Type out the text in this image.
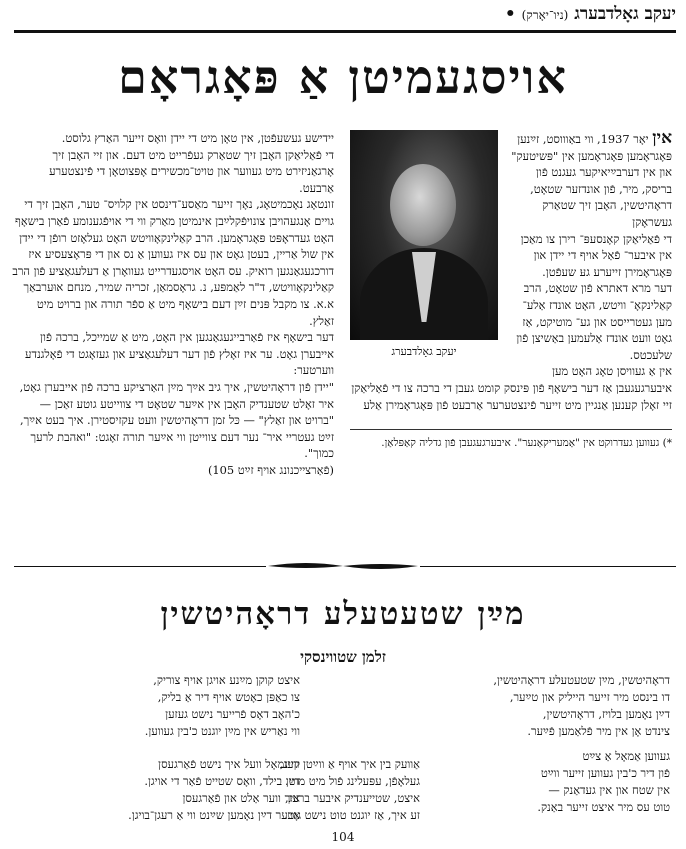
יעקב גאָלדבערג (ניו־יאָרק) •
אויסגעמיטן אַ פּאָגראָם
יעקב גאָלדבערג

אין יאָר 1937, ווי באַוווסט, זײַנען פּאָגראָמען פּאָגראָמען אין "פּשיטעק" און אין דערבײַיאיקער געגנט פֿון בריסק, מיר, פֿון אונדזער שטאָט, דראָהיטשין, האָבן זיך שטאַרק געשראָקן

די פֿאַליאַקן קאָנסעפּ־ רירן צו מאַכן אין איבער־ פֿאַל אויף די יידן און פּאָגראָמירן זייערע געּ שעפֿטן.

דער מרא דאתרא פֿון שטאָט, הרב קאַלינקאָ־ וויטש, האָט אונדז אַלע־ מען געטרייסט און גע־ מוטיקט, אַז גאָט וועט אונדז אַלעמען באַשיצן פֿון שלעכטס.

אין אַ געוויסן טאָג האָט מען איבערגעגעבן אַז דער בישאָף פֿון פּינסק קומט געבן די ברכה צו די פֿאַליאַקן זיי זאָלן קענען אַנגיין מיט זייער פֿינצטערער אַרבעט פֿון פּאָגראָמירן אַלע

*) געווען געדרוקט אין "אַמעריקאַנער". איבערגעגעבן פֿון גדליה קאַפּלאַן.

יידישע געשעפֿטן, אין טאָן מיט די יידן וואָס זייער האַרץ גלוסט.

די פֿאַליאַקן האָבן זיך שטאַרק געפֿרייט מיט דעם. און זיי האָבן זיך אָרגאַניזירט מיט געווער און טויט־מכשירים אָפּצוטאָן די פֿינצטערע אַרבעט.

זונטאָג נאָכמיטאָג, נאָך זייער מאַסע־דינסט אין קלויס־ טער, האָבן זיך די גויים אָנגעהויבן צונויפֿקלײַבן אינמיטן מאַרק ווי די אויפֿגענומע פֿאַרן בישאָף האָט געדראָפּט פּאָגראָמען. הרב קאַלינקאָוויטש האָט געלאָזט רופֿן די יידן אין שול אַריין, בעטן גאָט און עס איז געווען אַ נס און די פּראָצעסיע איז דורכגעגאַנגען רואיק. עס האָט אויסגעדרייט געוואָרן אַ דעלעגאַציע פֿון הרב קאַלינקאָוויטש, ד"ר לאַמפּע, נ. גראָסמאַן, זכריה שמיר, מנחם אוּערבאַך א.א. צו מקבל פּנים זײַן דעם בישאָף מיט אַ ספֿר תורה און ברויט מיט זאַלץ.

דער בישאָף איז פֿאַרבייגעגאַנגען אין האָט, מיט אַ שמייכל, ברכה פֿון אייבערן גאָט. ער איז זאָלץ פֿון דער דעלעגאַציע און געזאָגט די פֿאָלגנדע ווערטער:

"יידן פֿון דראָהיטשין, איך גיב אײַך מײַן האַרציקע ברכה פֿון אייבערן גאָט, איר זאָלט שטענדיק האָבן אין אײַער שטאָט די צווייטע גוטע זאַכן — "ברויט און זאַלץ" — כּל זמן דראָהיטשין וועט עקזיסטירן. איך בעט אײַך, זײַט געטריי איר־ נער דעם צווייטן ווי אײַער תורה זאָגט: "ואהבת לרעך כמוך".

(פֿאַרצייכנונג אויף זײַט 105)

מײַן שטעטעלע דראָהיטשין
זלמן שטווינסקי
דראָהיטשין, מײַן שטעטעלע דראָהיטשין,
דו בינסט מיר זייער הייליק און טײַער,
דײַן נאָמען בלויז, דראָהיטשין,
צינדט אָן אין מיר פֿלאַמען פֿײַער.
איצט קוקן מײַנע אויגן אויף צוריק,
צו כאַפּן כאָטש אויף דיר אַ בליק,
כ'האָב דאָס פֿרייער נישט געזען
ווי נאַריש אין מײַן יוגנט כ'בין געווען.
געווען אַמאָל אַ צײַט
פֿון דיר כ'בין געווען זייער ווײַט
אין שטח און אין געדאַנק —
טוט עס מיר איצט זייער באַנק.
אַוועק בין איך אויף אַ ווײַטן וועג,
געלאָפֿן, עפּעלינג פֿול מיט מוט.
איצט, שטייענדיק איבער ברעג,
זע איך, אַז יוגנט טוט נישט גוט.
קיינמאָל וועל איך נישט פֿאַרגעסן
דײַן בילד, וואָס שטייט פֿאַר די אויגן.
איך ווער אַלט און פֿאַרגעסן
אָבער דײַן נאָמען שײַנט ווי אַ רעגן־בויגן.
104
